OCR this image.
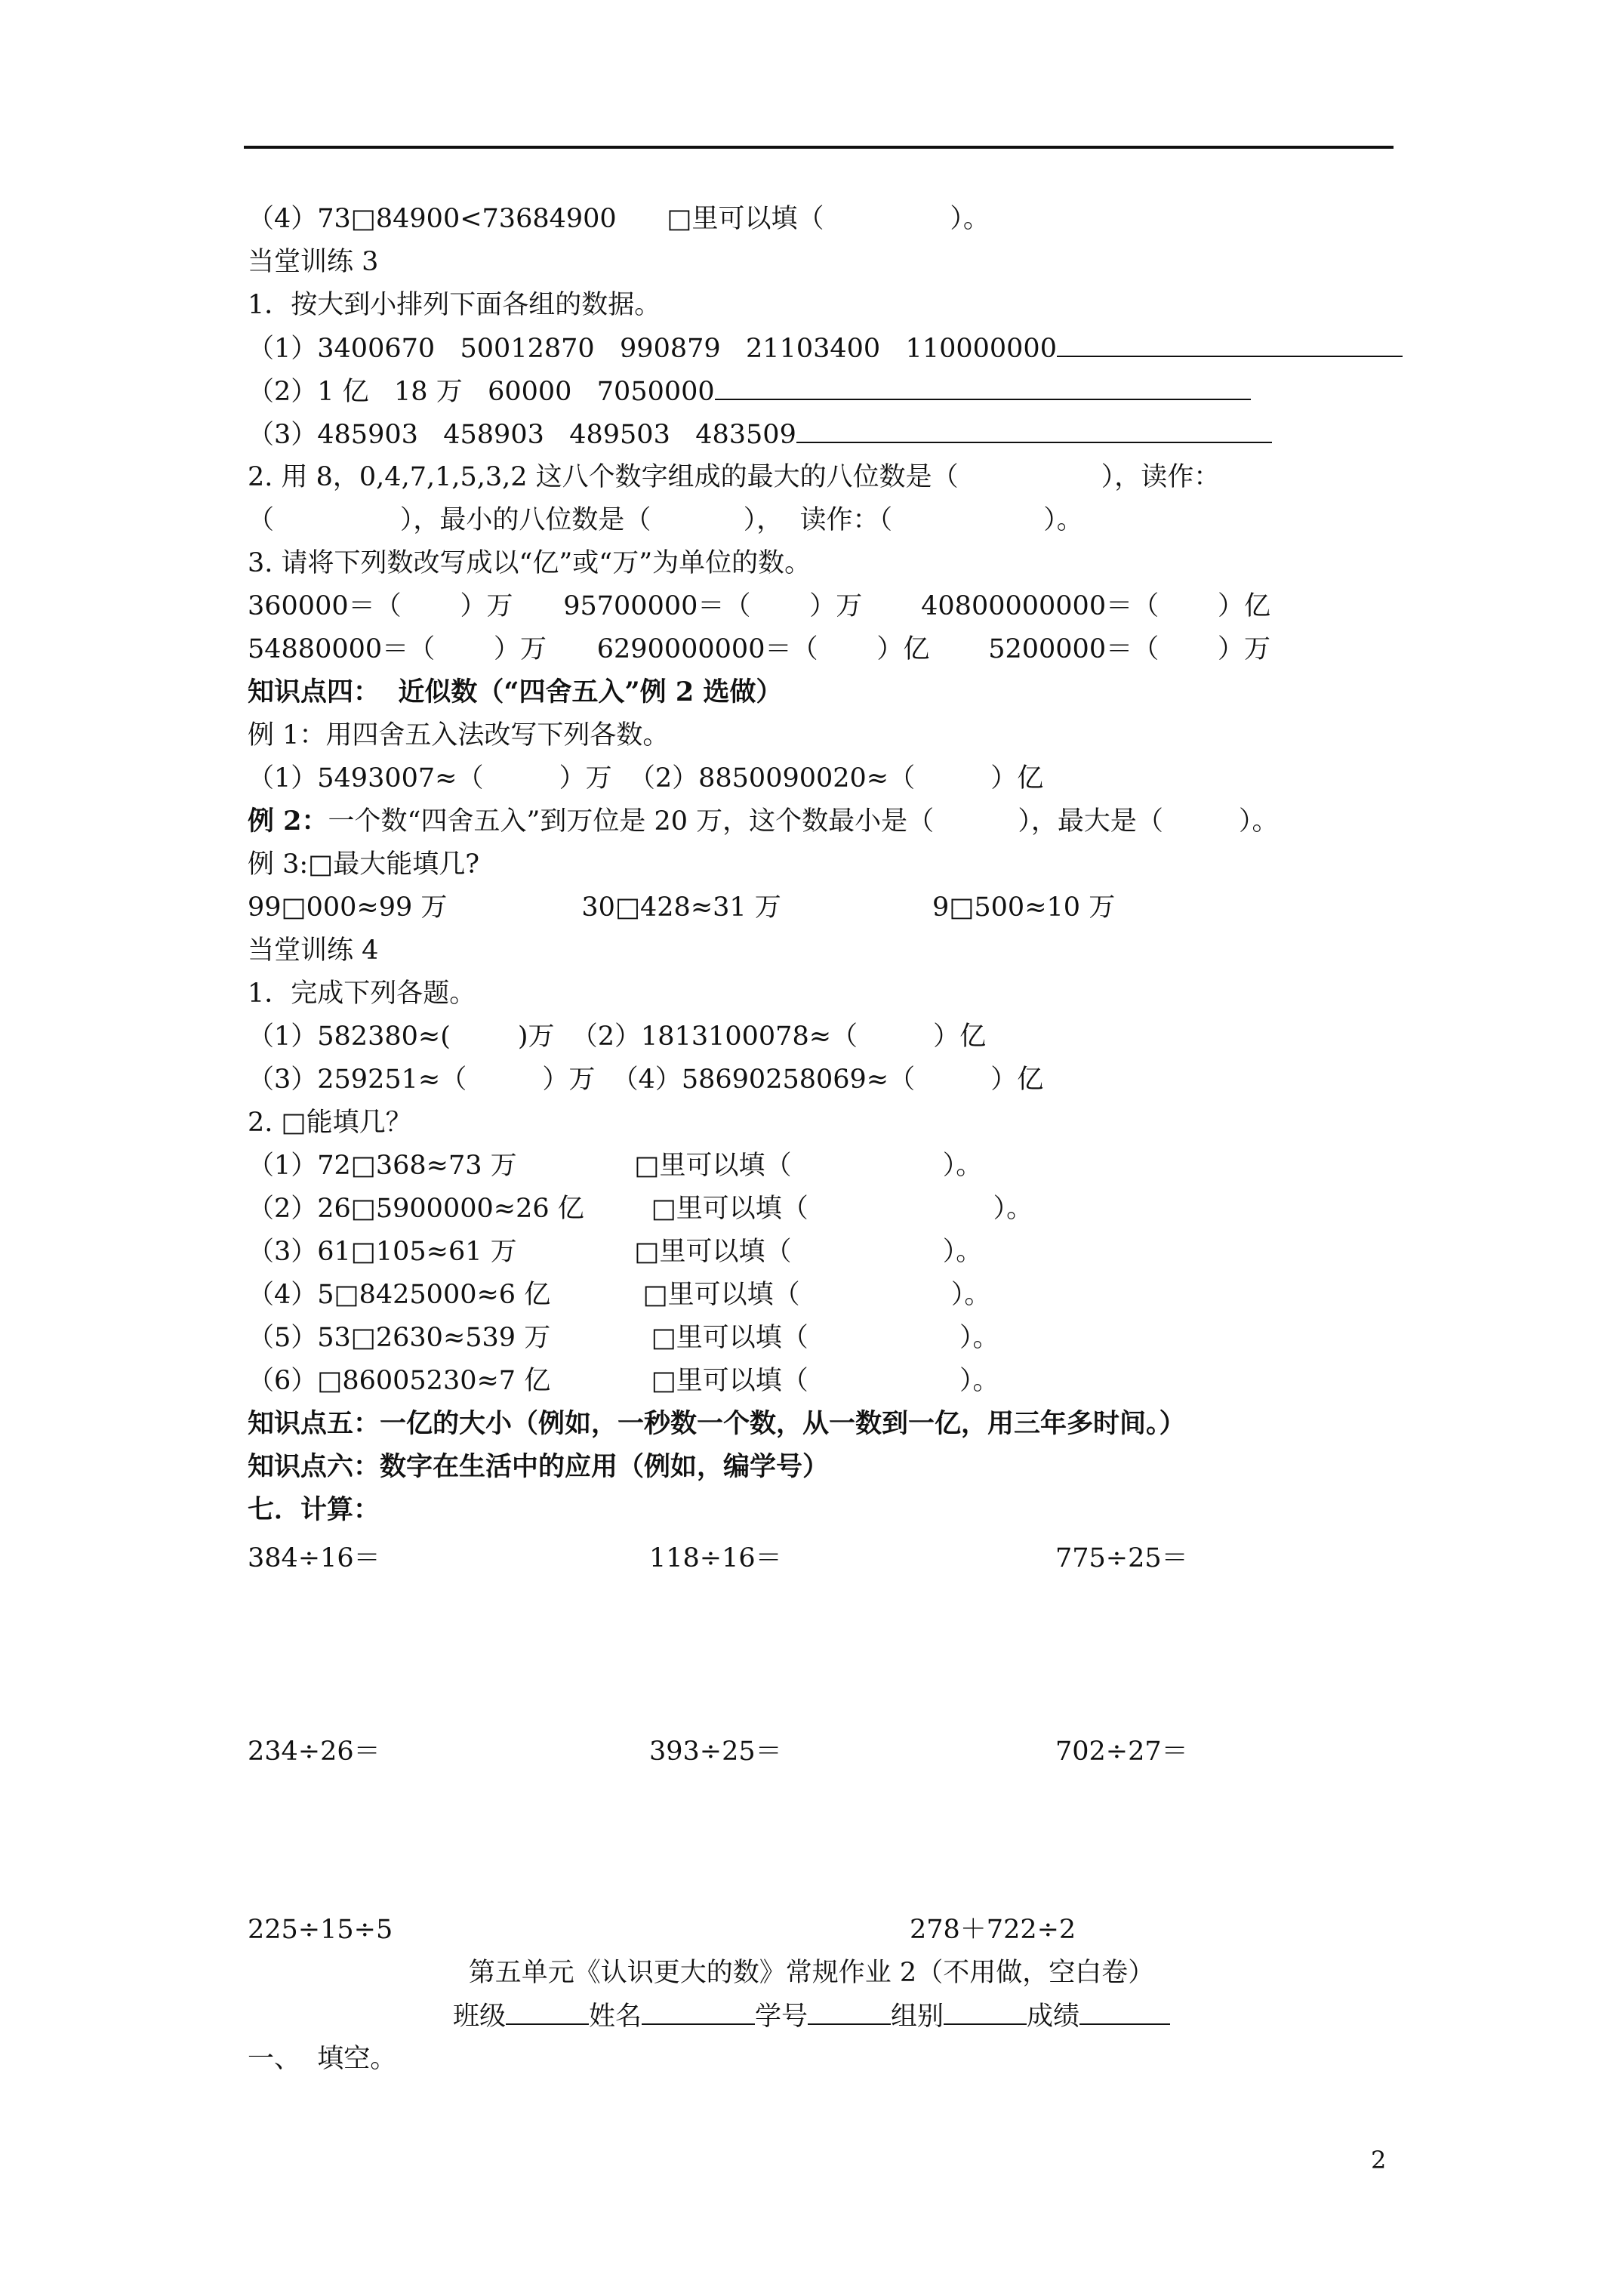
（4）73□84900<73684900      □里可以填（               ）。
当堂训练 3
1．按大到小排列下面各组的数据。
（1）3400670   50012870   990879   21103400   110000000
（2）1 亿   18 万   60000   7050000
（3）485903   458903   489503   483509
2. 用 8，0,4,7,1,5,3,2 这八个数字组成的最大的八位数是（                 ），读作：
（               ），最小的八位数是（           ），  读作：（                  ）。
3. 请将下列数改写成以“亿”或“万”为单位的数。
360000＝（       ）万      95700000＝（       ）万       40800000000＝（       ）亿
54880000＝（       ）万      6290000000＝（       ）亿       5200000＝（       ）万
知识点四：  近似数（“四舍五入”例 2 选做）
例 1：用四舍五入法改写下列各数。
（1）5493007≈（         ）万  （2）8850090020≈（         ）亿
例 2：一个数“四舍五入”到万位是 20 万，这个数最小是（          ），最大是（         ）。
例 3:□最大能填几?
99□000≈99 万                30□428≈31 万                  9□500≈10 万
当堂训练 4
1．完成下列各题。
（1）582380≈(        )万  （2）1813100078≈（         ）亿
（3）259251≈（         ）万  （4）58690258069≈（         ）亿
2. □能填几？
（1）72□368≈73 万              □里可以填（                  ）。
（2）26□5900000≈26 亿        □里可以填（                      ）。
（3）61□105≈61 万              □里可以填（                  ）。
（4）5□8425000≈6 亿           □里可以填（                  ）。
（5）53□2630≈539 万            □里可以填（                  ）。
（6）□86005230≈7 亿            □里可以填（                  ）。
知识点五：一亿的大小（例如，一秒数一个数，从一数到一亿，用三年多时间。）
知识点六：数字在生活中的应用（例如，编学号）
七．计算：
384÷16＝	118÷16＝	775÷25＝
234÷26＝	393÷25＝	702÷27＝
225÷15÷5	278＋722÷2
第五单元《认识更大的数》常规作业 2（不用做，空白卷）
班级	姓名	学号	组别	成绩
一、  填空。
2
